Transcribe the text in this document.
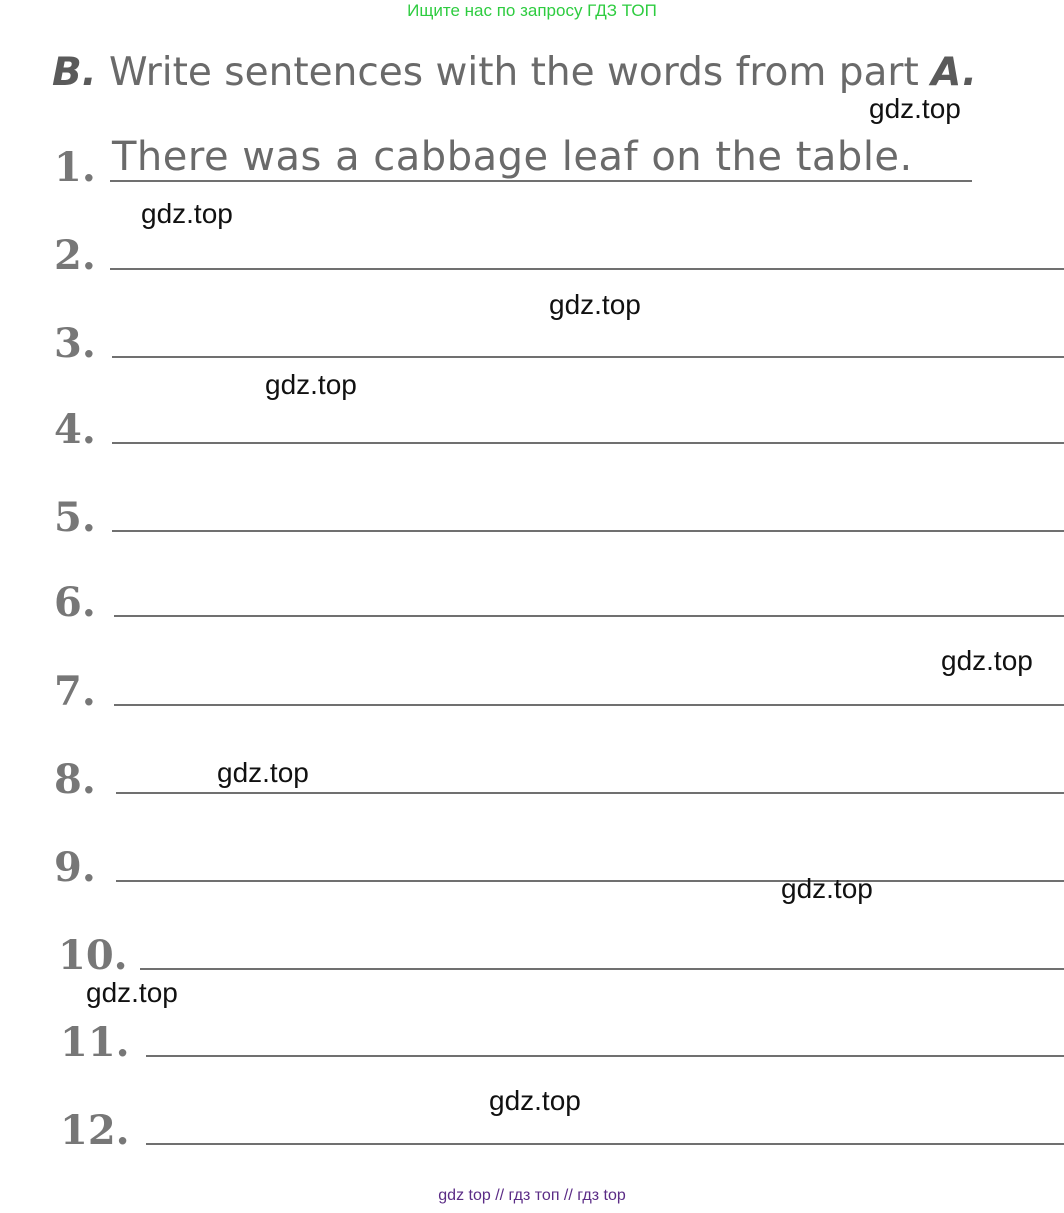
Ищите нас по запросу ГДЗ ТОП
B. Write sentences with the words from part A.
1. There was a cabbage leaf on the table.
2.
3.
4.
5.
6.
7.
8.
9.
10.
11.
12.
gdz.top
gdz.top
gdz.top
gdz.top
gdz.top
gdz.top
gdz.top
gdz.top
gdz.top
gdz top // гдз топ // гдз top
